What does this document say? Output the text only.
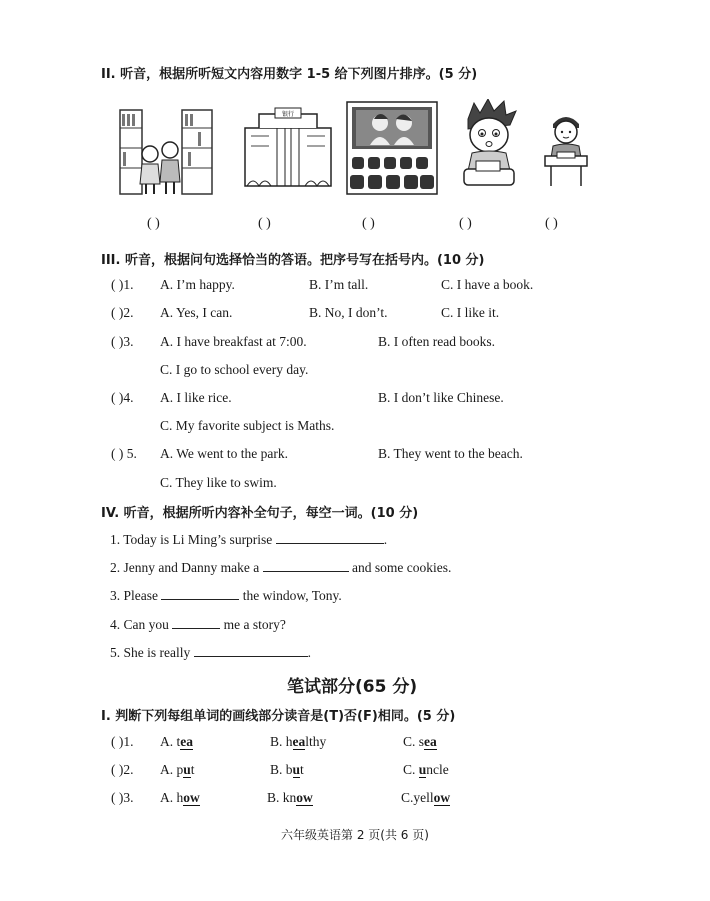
II. 听音，根据所听短文内容用数字 1-5 给下列图片排序。(5 分)
银行
( )	( )	( )	( )	( )
III. 听音，根据问句选择恰当的答语。把序号写在括号内。(10 分)
( )1. A. I’m happy.	B. I’m tall.	C. I have a book.
( )2. A. Yes, I can.	B. No, I don’t.	C. I like it.
( )3. A. I have breakfast at 7:00.	B. I often read books.
C. I go to school every day.
( )4. A. I like rice.	B. I don’t like Chinese.
C. My favorite subject is Maths.
( ) 5. A. We went to the park.	B. They went to the beach.
C. They like to swim.
IV. 听音，根据所听内容补全句子，每空一词。(10 分)
1. Today is Li Ming’s surprise	.
2. Jenny and Danny make a	and some cookies.
3. Please	the window, Tony.
4. Can you	me a story?
5. She is really	.
笔试部分(65 分)
I. 判断下列每组单词的画线部分读音是(T)否(F)相同。(5 分)
( )1. A. tea	B. healthy	C. sea
( )2. A. put	B. but	C. uncle
( )3. A. how	B. know	C.yellow
六年级英语第 2 页(共 6 页)
